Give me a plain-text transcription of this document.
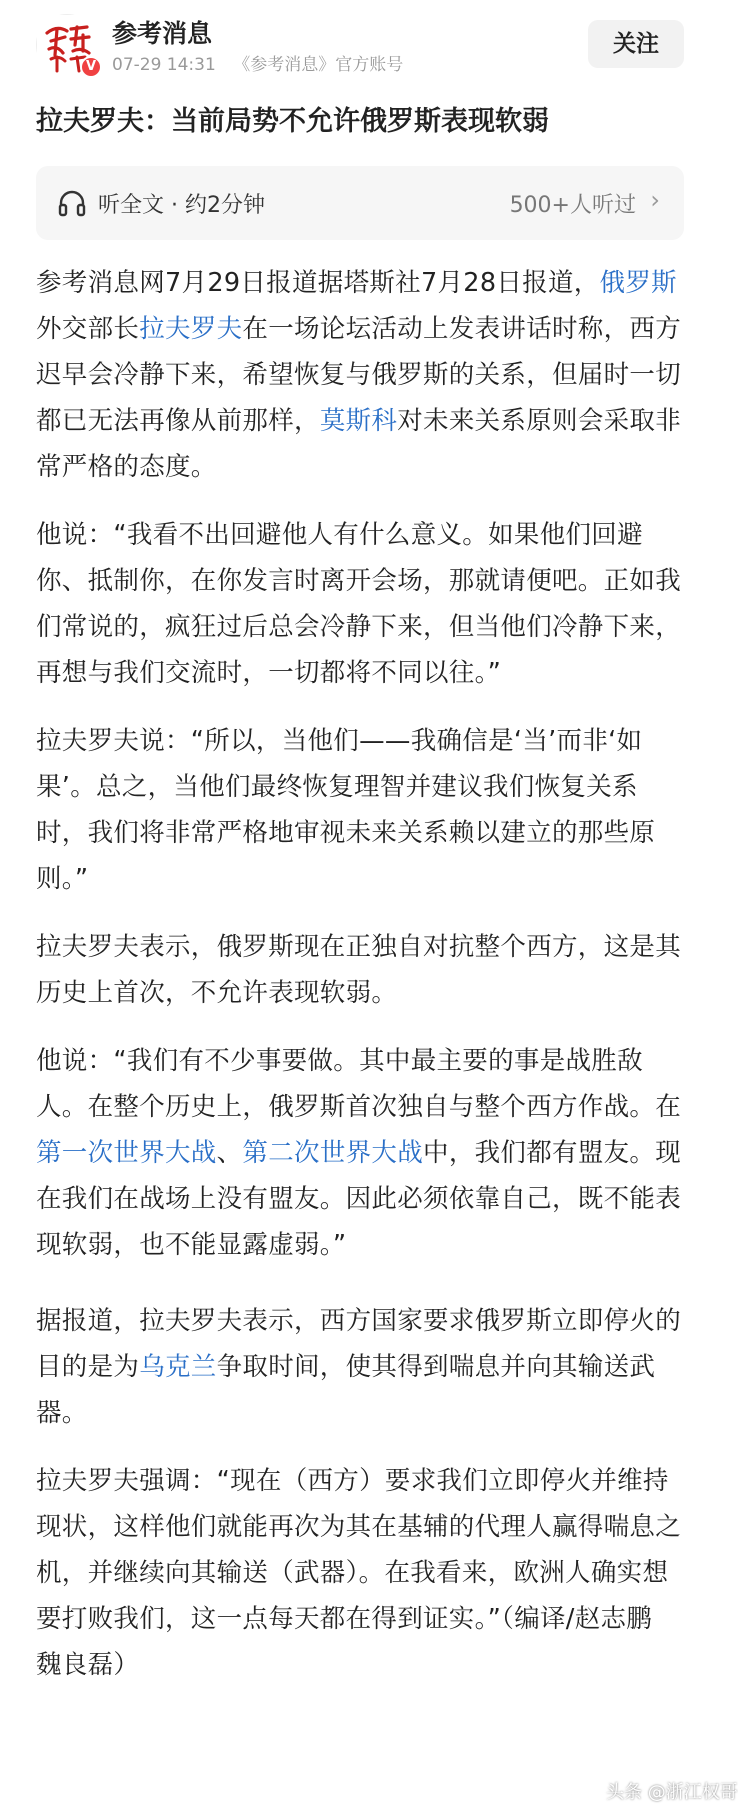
V
参考消息
07-29 14:31 《参考消息》官方账号
关注
拉夫罗夫：当前局势不允许俄罗斯表现软弱
听全文 · 约2分钟	500+人听过 ›

参考消息网7月29日报道据塔斯社7月28日报道，俄罗斯外交部长拉夫罗夫在一场论坛活动上发表讲话时称，西方迟早会冷静下来，希望恢复与俄罗斯的关系，但届时一切都已无法再像从前那样，莫斯科对未来关系原则会采取非常严格的态度。

他说：“我看不出回避他人有什么意义。如果他们回避你、抵制你，在你发言时离开会场，那就请便吧。正如我们常说的，疯狂过后总会冷静下来，但当他们冷静下来，再想与我们交流时，一切都将不同以往。”

拉夫罗夫说：“所以，当他们——我确信是‘当’而非‘如果’。总之，当他们最终恢复理智并建议我们恢复关系时，我们将非常严格地审视未来关系赖以建立的那些原则。”

拉夫罗夫表示，俄罗斯现在正独自对抗整个西方，这是其历史上首次，不允许表现软弱。

他说：“我们有不少事要做。其中最主要的事是战胜敌人。在整个历史上，俄罗斯首次独自与整个西方作战。在第一次世界大战、第二次世界大战中，我们都有盟友。现在我们在战场上没有盟友。因此必须依靠自己，既不能表现软弱，也不能显露虚弱。”

据报道，拉夫罗夫表示，西方国家要求俄罗斯立即停火的目的是为乌克兰争取时间，使其得到喘息并向其输送武器。

拉夫罗夫强调：“现在（西方）要求我们立即停火并维持现状，这样他们就能再次为其在基辅的代理人赢得喘息之机，并继续向其输送（武器）。在我看来，欧洲人确实想要打败我们，这一点每天都在得到证实。”（编译/赵志鹏 魏良磊）

头条 @浙江权哥
